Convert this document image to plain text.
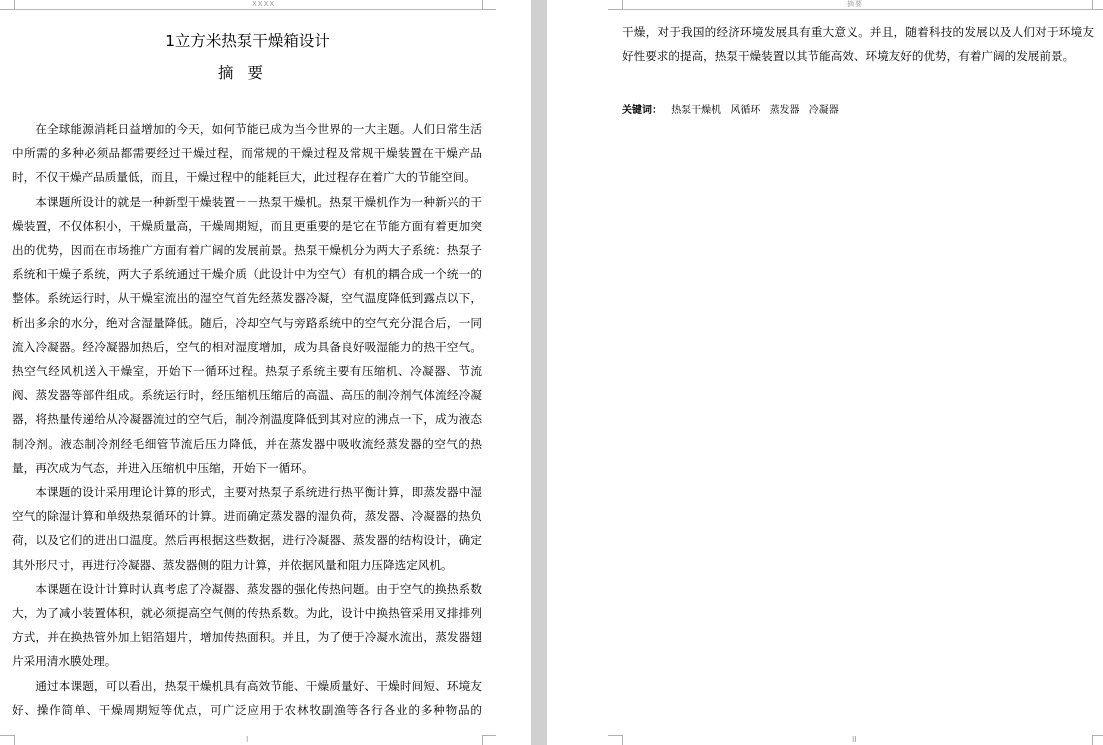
XXXX
1立方米热泵干燥箱设计
摘要

在全球能源消耗日益增加的今天，如何节能已成为当今世界的一大主题。人们日常生活中所需的多种必须品都需要经过干燥过程，而常规的干燥过程及常规干燥装置在干燥产品时，不仅干燥产品质量低，而且，干燥过程中的能耗巨大，此过程存在着广大的节能空间。

本课题所设计的就是一种新型干燥装置－－热泵干燥机。热泵干燥机作为一种新兴的干燥装置，不仅体积小，干燥质量高，干燥周期短，而且更重要的是它在节能方面有着更加突出的优势，因而在市场推广方面有着广阔的发展前景。热泵干燥机分为两大子系统：热泵子系统和干燥子系统，两大子系统通过干燥介质（此设计中为空气）有机的耦合成一个统一的整体。系统运行时，从干燥室流出的湿空气首先经蒸发器冷凝，空气温度降低到露点以下，析出多余的水分，绝对含湿量降低。随后，冷却空气与旁路系统中的空气充分混合后，一同流入冷凝器。经冷凝器加热后，空气的相对湿度增加，成为具备良好吸湿能力的热干空气。热空气经风机送入干燥室，开始下一循环过程。热泵子系统主要有压缩机、冷凝器、节流阀、蒸发器等部件组成。系统运行时，经压缩机压缩后的高温、高压的制冷剂气体流经冷凝器，将热量传递给从冷凝器流过的空气后，制冷剂温度降低到其对应的沸点一下，成为液态制冷剂。液态制冷剂经毛细管节流后压力降低，并在蒸发器中吸收流经蒸发器的空气的热量，再次成为气态，并进入压缩机中压缩，开始下一循环。

本课题的设计采用理论计算的形式，主要对热泵子系统进行热平衡计算，即蒸发器中湿空气的除湿计算和单级热泵循环的计算。进而确定蒸发器的湿负荷，蒸发器、冷凝器的热负荷，以及它们的进出口温度。然后再根据这些数据，进行冷凝器、蒸发器的结构设计，确定其外形尺寸，再进行冷凝器、蒸发器侧的阻力计算，并依据风量和阻力压降选定风机。

本课题在设计计算时认真考虑了冷凝器、蒸发器的强化传热问题。由于空气的换热系数大，为了减小装置体积，就必须提高空气侧的传热系数。为此，设计中换热管采用叉排排列方式，并在换热管外加上铝箔翅片，增加传热面积。并且，为了便于冷凝水流出，蒸发器翅片采用清水膜处理。

通过本课题，可以看出，热泵干燥机具有高效节能、干燥质量好、干燥时间短、环境友好、操作简单、干燥周期短等优点，可广泛应用于农林牧副渔等各行各业的多种物品的

I
摘要

干燥，对于我国的经济环境发展具有重大意义。并且，随着科技的发展以及人们对于环境友好性要求的提高，热泵干燥装置以其节能高效、环境友好的优势，有着广阔的发展前景。

关键词： 热泵干燥机 风循环 蒸发器 冷凝器
II
